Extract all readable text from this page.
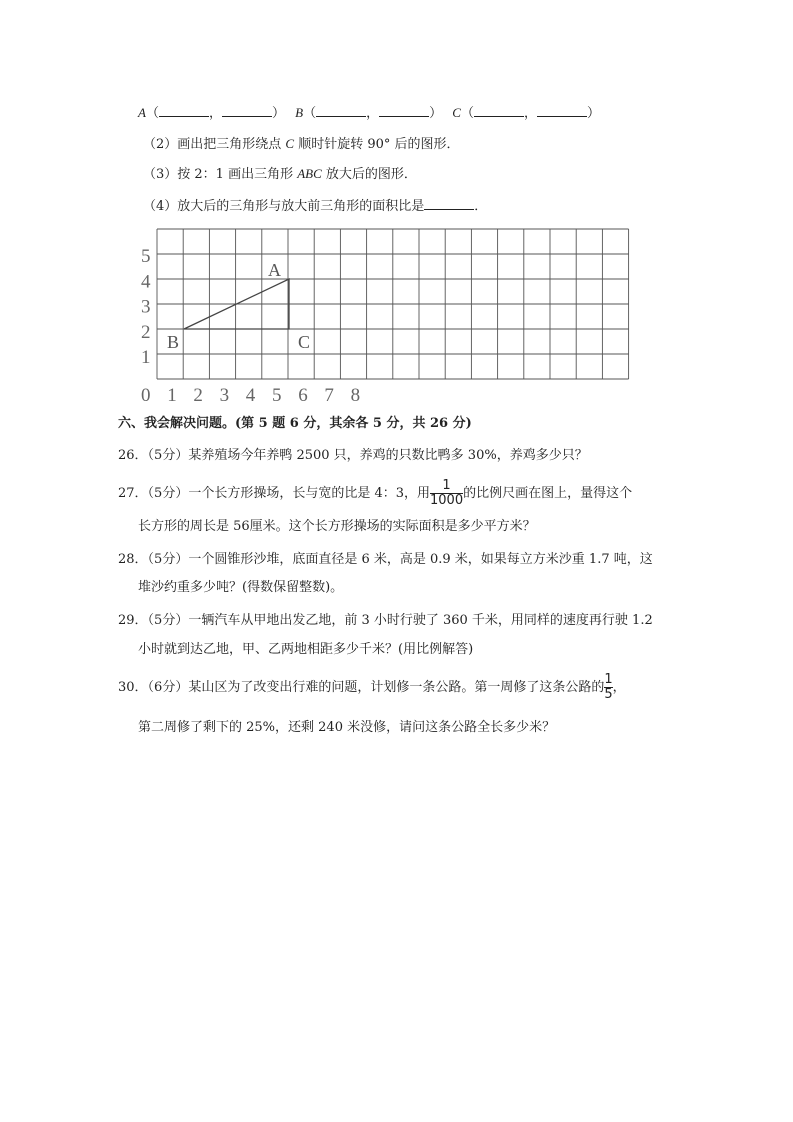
A（	，	） B（	，	） C（	，	）
（2）画出把三角形绕点 C 顺时针旋转 90° 后的图形．
（3）按 2：1 画出三角形 ABC 放大后的图形．
（4）放大后的三角形与放大前三角形的面积比是	．
A
B	C
5
4
3
2
1
0 1 2 3 4 5 6 7 8
六、我会解决问题。(第 5 题 6 分，其余各 5 分，共 26 分)
26．（5分）某养殖场今年养鸭 2500 只，养鸡的只数比鸭多 30%，养鸡多少只？
27．（5分）一个长方形操场，长与宽的比是 4：3，用 $\frac{1}{1000}$ 的比例尺画在图上，量得这个
长方形的周长是 56厘米。这个长方形操场的实际面积是多少平方米？
28．（5分）一个圆锥形沙堆，底面直径是 6 米，高是 0.9 米，如果每立方米沙重 1.7 吨，这
堆沙约重多少吨？(得数保留整数)。
29．（5分）一辆汽车从甲地出发乙地，前 3 小时行驶了 360 千米，用同样的速度再行驶 1.2
小时就到达乙地，甲、乙两地相距多少千米？(用比例解答)
30．（6分）某山区为了改变出行难的问题，计划修一条公路。第一周修了这条公路的 $\frac{1}{5}$ ，
第二周修了剩下的 25%，还剩 240 米没修，请问这条公路全长多少米？
